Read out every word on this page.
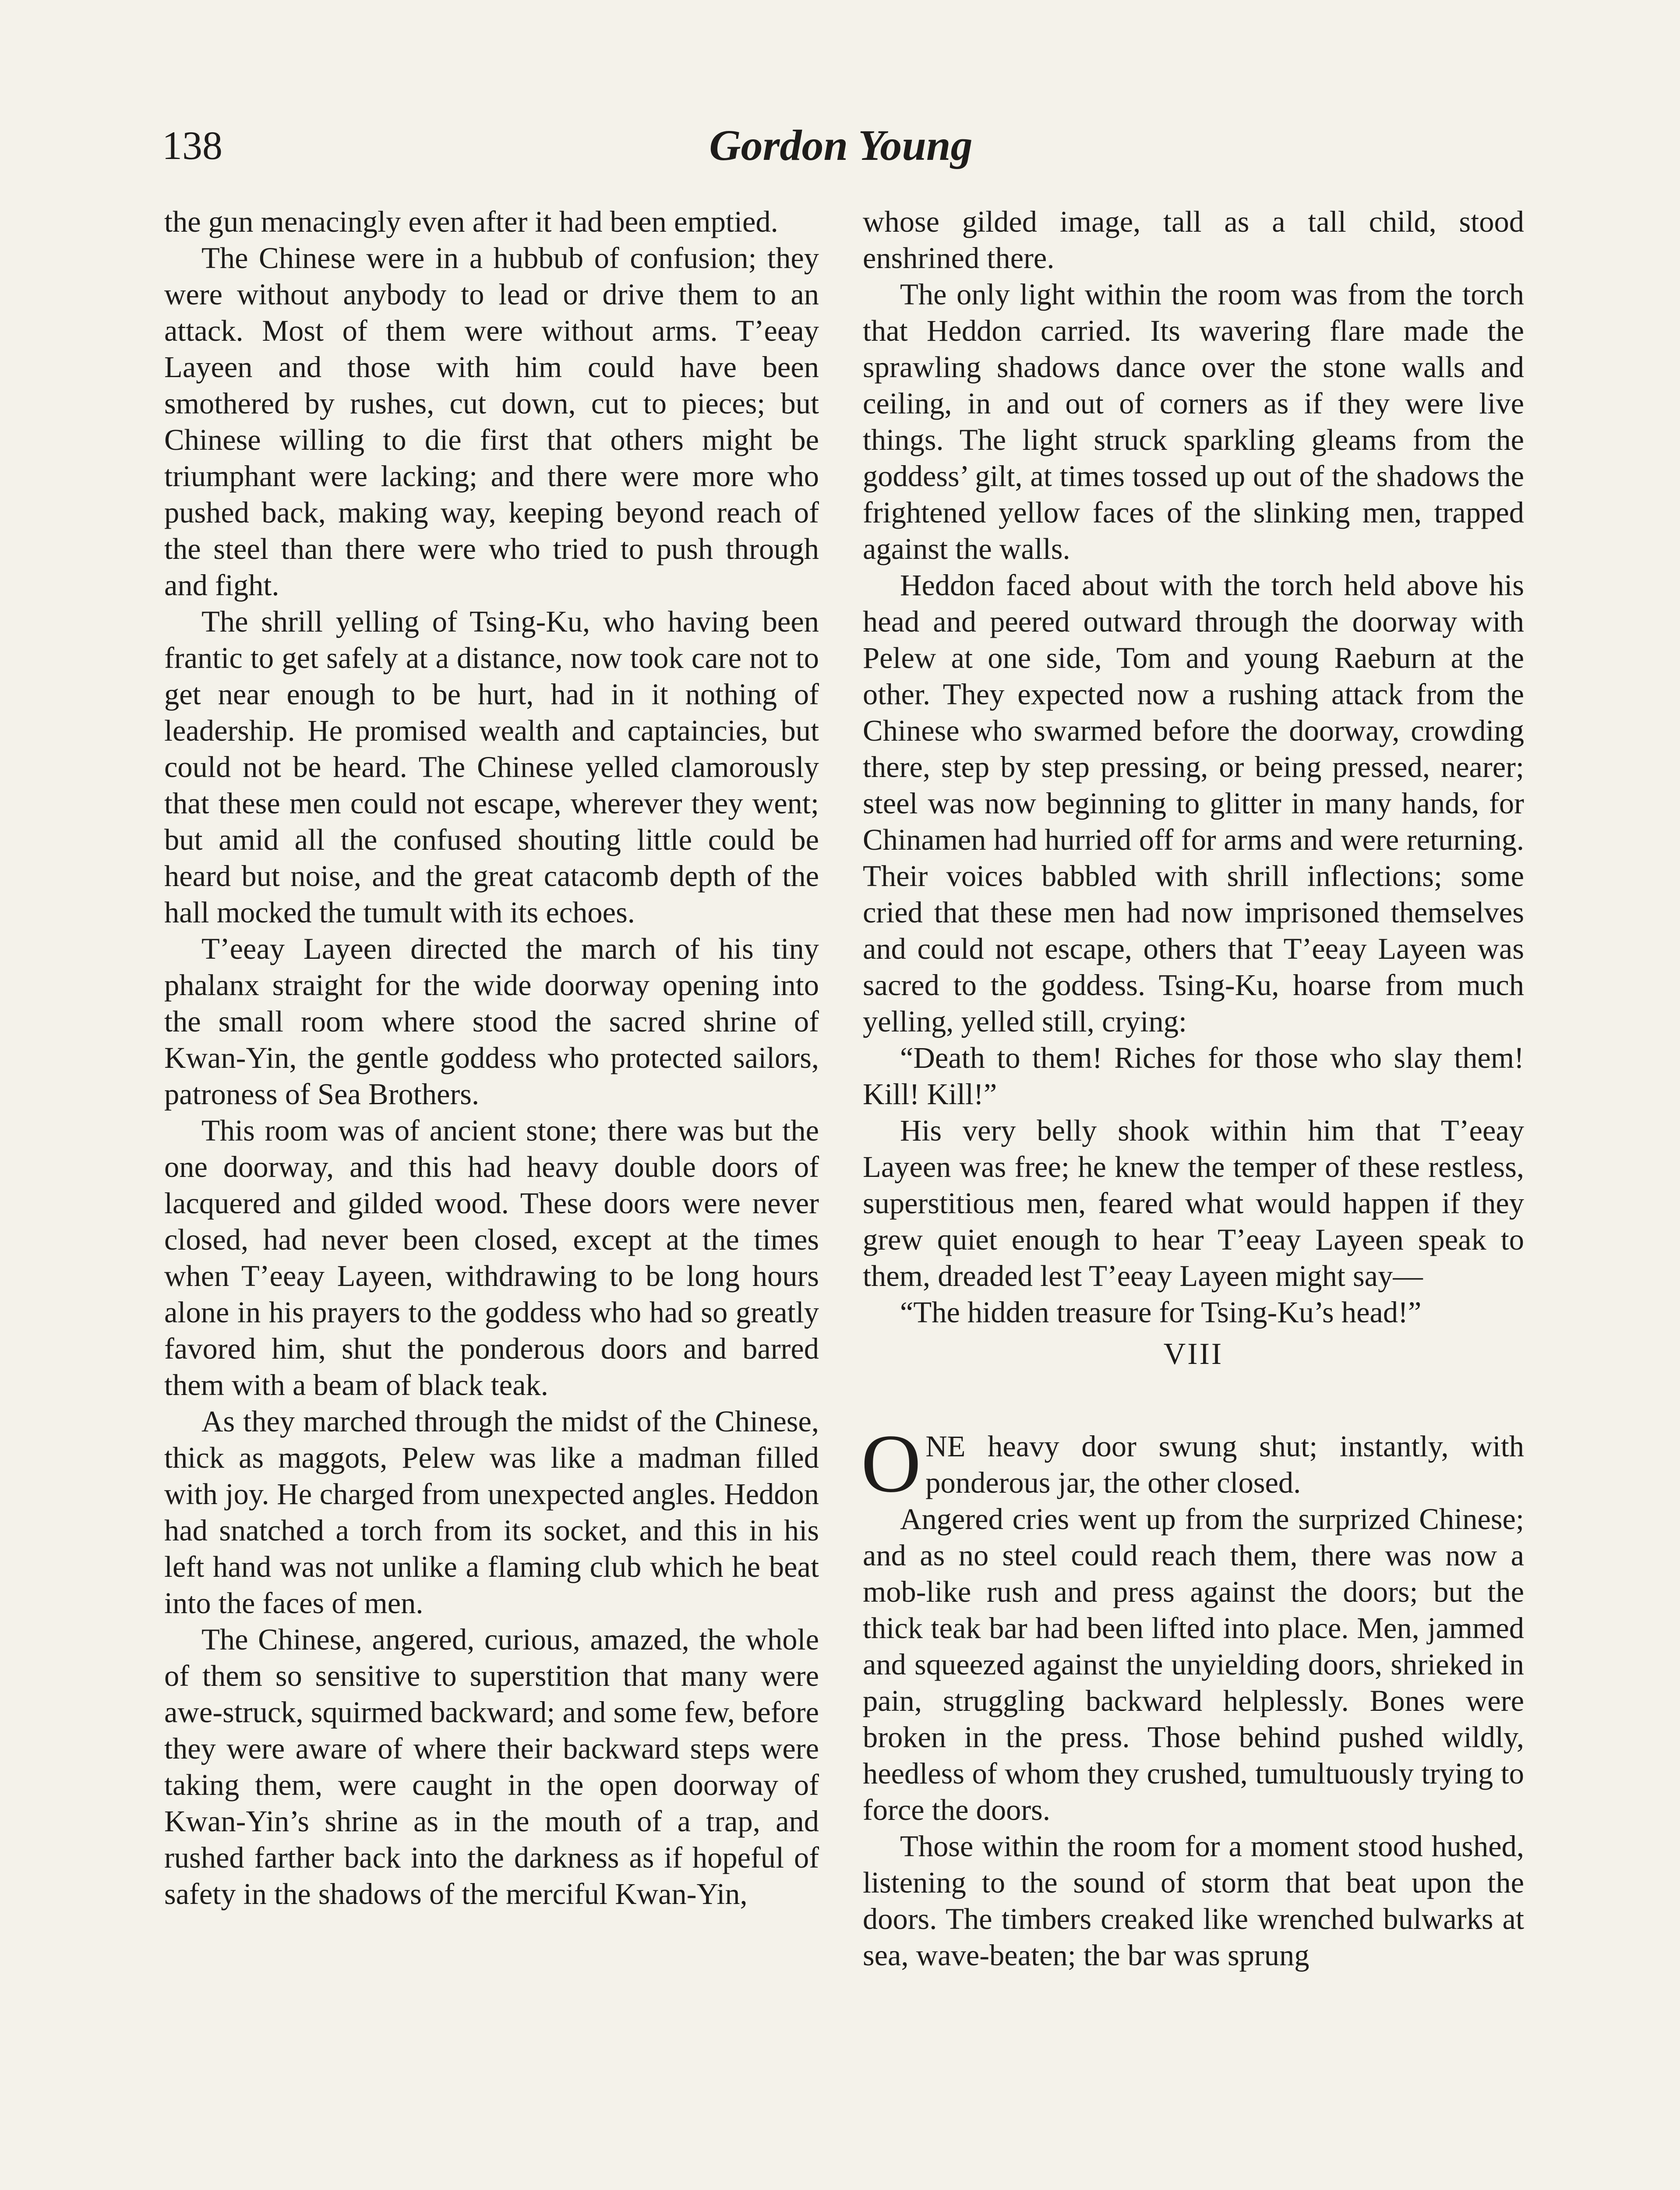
138	Gordon Young

the gun menacingly even after it had been emptied.

The Chinese were in a hubbub of confusion; they were without anybody to lead or drive them to an attack. Most of them were without arms. T’eeay Layeen and those with him could have been smothered by rushes, cut down, cut to pieces; but Chinese willing to die first that others might be triumphant were lacking; and there were more who pushed back, making way, keeping beyond reach of the steel than there were who tried to push through and fight.

The shrill yelling of Tsing-Ku, who having been frantic to get safely at a distance, now took care not to get near enough to be hurt, had in it nothing of leadership. He promised wealth and captaincies, but could not be heard. The Chinese yelled clamorously that these men could not escape, wherever they went; but amid all the confused shouting little could be heard but noise, and the great catacomb depth of the hall mocked the tumult with its echoes.

T’eeay Layeen directed the march of his tiny phalanx straight for the wide doorway opening into the small room where stood the sacred shrine of Kwan-Yin, the gentle goddess who protected sailors, patroness of Sea Brothers.

This room was of ancient stone; there was but the one doorway, and this had heavy double doors of lacquered and gilded wood. These doors were never closed, had never been closed, except at the times when T’eeay Layeen, withdrawing to be long hours alone in his prayers to the goddess who had so greatly favored him, shut the ponderous doors and barred them with a beam of black teak.

As they marched through the midst of the Chinese, thick as maggots, Pelew was like a madman filled with joy. He charged from unexpected angles. Heddon had snatched a torch from its socket, and this in his left hand was not unlike a flaming club which he beat into the faces of men.

The Chinese, angered, curious, amazed, the whole of them so sensitive to superstition that many were awe-struck, squirmed backward; and some few, before they were aware of where their backward steps were taking them, were caught in the open doorway of Kwan-Yin’s shrine as in the mouth of a trap, and rushed farther back into the darkness as if hopeful of safety in the shadows of the merciful Kwan-Yin,

whose gilded image, tall as a tall child, stood enshrined there.

The only light within the room was from the torch that Heddon carried. Its wavering flare made the sprawling shadows dance over the stone walls and ceiling, in and out of corners as if they were live things. The light struck sparkling gleams from the goddess’ gilt, at times tossed up out of the shadows the frightened yellow faces of the slinking men, trapped against the walls.

Heddon faced about with the torch held above his head and peered outward through the doorway with Pelew at one side, Tom and young Raeburn at the other. They expected now a rushing attack from the Chinese who swarmed before the doorway, crowding there, step by step pressing, or being pressed, nearer; steel was now beginning to glitter in many hands, for Chinamen had hurried off for arms and were returning. Their voices babbled with shrill inflections; some cried that these men had now imprisoned themselves and could not escape, others that T’eeay Layeen was sacred to the goddess. Tsing-Ku, hoarse from much yelling, yelled still, crying:

“Death to them! Riches for those who slay them! Kill! Kill!”

His very belly shook within him that T’eeay Layeen was free; he knew the temper of these restless, superstitious men, feared what would happen if they grew quiet enough to hear T’eeay Layeen speak to them, dreaded lest T’eeay Layeen might say—

“The hidden treasure for Tsing-Ku’s head!”

VIII

ONE heavy door swung shut; instantly, with ponderous jar, the other closed.

Angered cries went up from the surprized Chinese; and as no steel could reach them, there was now a mob-like rush and press against the doors; but the thick teak bar had been lifted into place. Men, jammed and squeezed against the unyielding doors, shrieked in pain, struggling backward helplessly. Bones were broken in the press. Those behind pushed wildly, heedless of whom they crushed, tumultuously trying to force the doors.

Those within the room for a moment stood hushed, listening to the sound of storm that beat upon the doors. The timbers creaked like wrenched bulwarks at sea, wave-beaten; the bar was sprung
